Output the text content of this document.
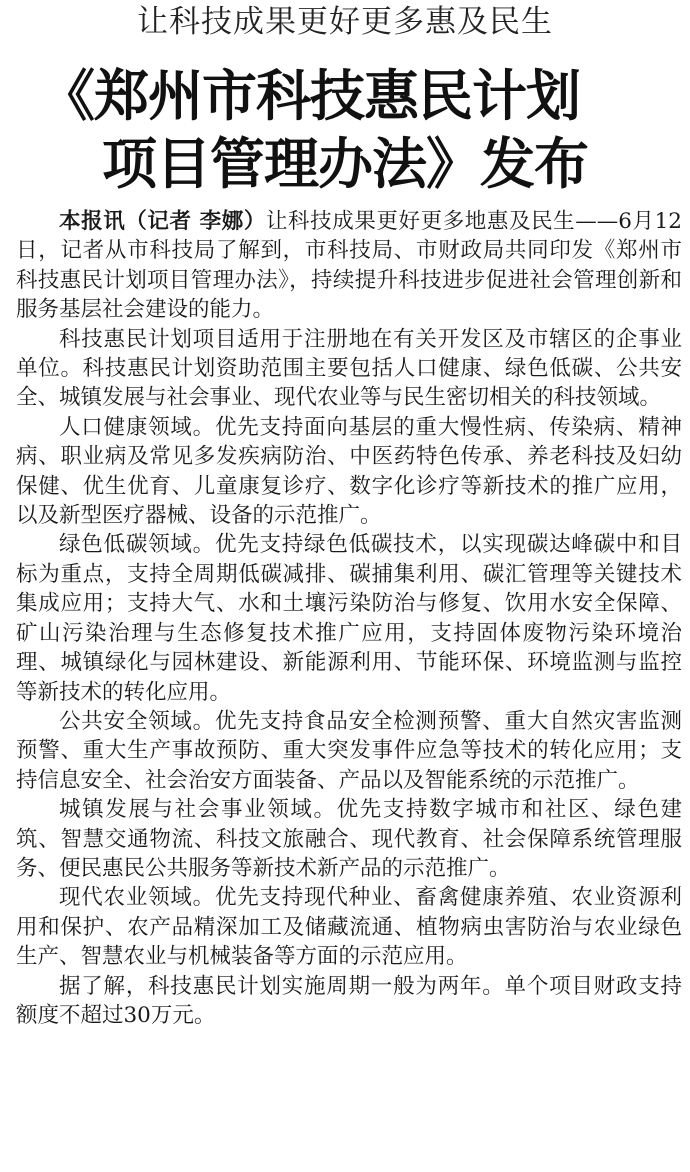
让科技成果更好更多惠及民生
《郑州市科技惠民计划
项目管理办法》发布

本报讯（记者 李娜）让科技成果更好更多地惠及民生——6月12日，记者从市科技局了解到，市科技局、市财政局共同印发《郑州市科技惠民计划项目管理办法》，持续提升科技进步促进社会管理创新和服务基层社会建设的能力。

科技惠民计划项目适用于注册地在有关开发区及市辖区的企事业单位。科技惠民计划资助范围主要包括人口健康、绿色低碳、公共安全、城镇发展与社会事业、现代农业等与民生密切相关的科技领域。

人口健康领域。优先支持面向基层的重大慢性病、传染病、精神病、职业病及常见多发疾病防治、中医药特色传承、养老科技及妇幼保健、优生优育、儿童康复诊疗、数字化诊疗等新技术的推广应用，以及新型医疗器械、设备的示范推广。

绿色低碳领域。优先支持绿色低碳技术，以实现碳达峰碳中和目标为重点，支持全周期低碳减排、碳捕集利用、碳汇管理等关键技术集成应用；支持大气、水和土壤污染防治与修复、饮用水安全保障、矿山污染治理与生态修复技术推广应用，支持固体废物污染环境治理、城镇绿化与园林建设、新能源利用、节能环保、环境监测与监控等新技术的转化应用。

公共安全领域。优先支持食品安全检测预警、重大自然灾害监测预警、重大生产事故预防、重大突发事件应急等技术的转化应用；支持信息安全、社会治安方面装备、产品以及智能系统的示范推广。

城镇发展与社会事业领域。优先支持数字城市和社区、绿色建筑、智慧交通物流、科技文旅融合、现代教育、社会保障系统管理服务、便民惠民公共服务等新技术新产品的示范推广。

现代农业领域。优先支持现代种业、畜禽健康养殖、农业资源利用和保护、农产品精深加工及储藏流通、植物病虫害防治与农业绿色生产、智慧农业与机械装备等方面的示范应用。

据了解，科技惠民计划实施周期一般为两年。单个项目财政支持额度不超过30万元。
